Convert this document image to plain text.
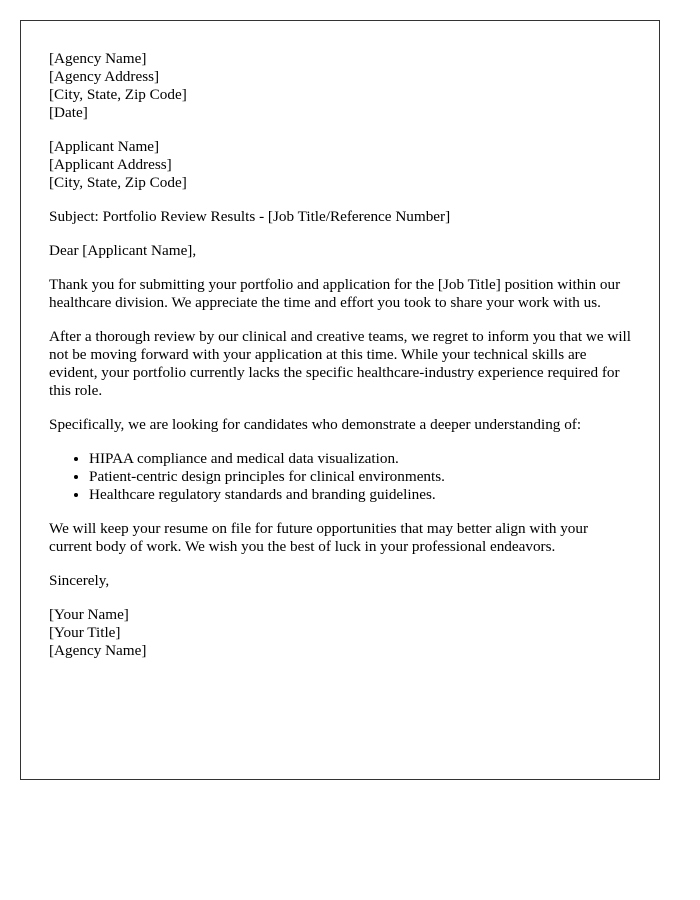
[Agency Name]
[Agency Address]
[City, State, Zip Code]
[Date]
[Applicant Name]
[Applicant Address]
[City, State, Zip Code]

Subject: Portfolio Review Results - [Job Title/Reference Number]

Dear [Applicant Name],

Thank you for submitting your portfolio and application for the [Job Title] position within our healthcare division. We appreciate the time and effort you took to share your work with us.

After a thorough review by our clinical and creative teams, we regret to inform you that we will not be moving forward with your application at this time. While your technical skills are evident, your portfolio currently lacks the specific healthcare-industry experience required for this role.

Specifically, we are looking for candidates who demonstrate a deeper understanding of:

• HIPAA compliance and medical data visualization.
• Patient-centric design principles for clinical environments.
• Healthcare regulatory standards and branding guidelines.

We will keep your resume on file for future opportunities that may better align with your current body of work. We wish you the best of luck in your professional endeavors.

Sincerely,

[Your Name]
[Your Title]
[Agency Name]
